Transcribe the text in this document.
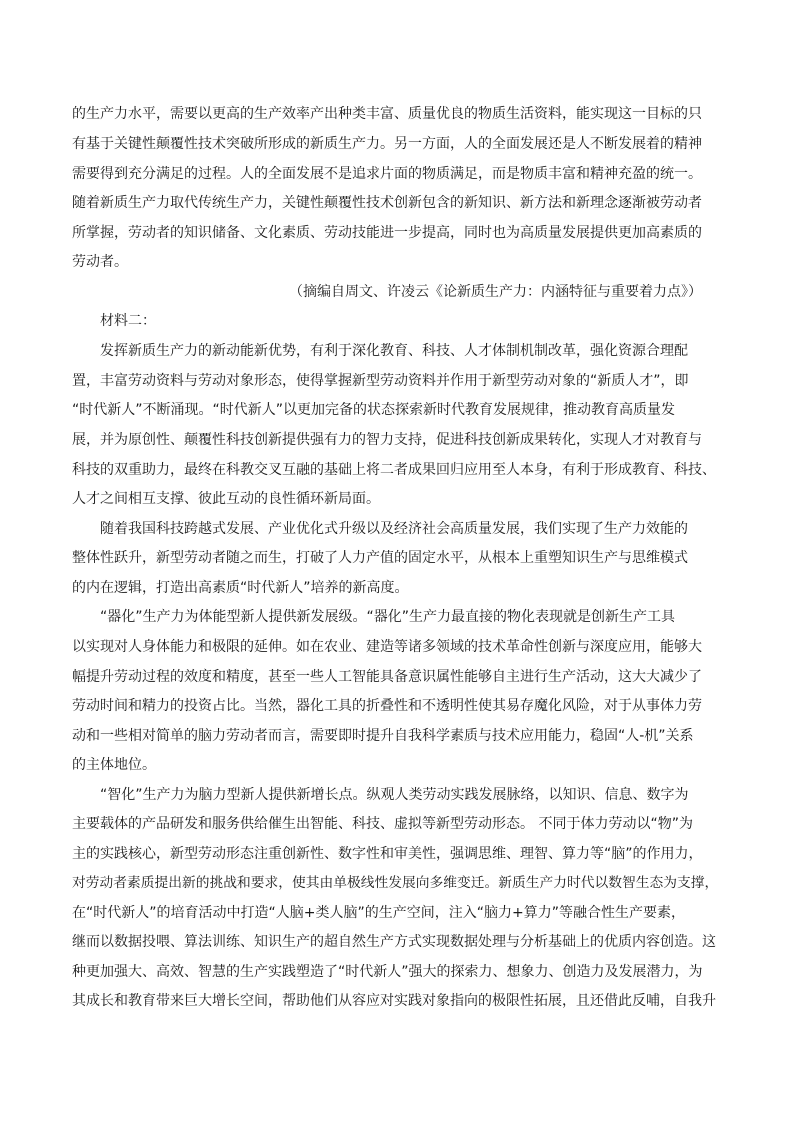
的生产力水平，需要以更高的生产效率产出种类丰富、质量优良的物质生活资料，能实现这一目标的只
有基于关键性颠覆性技术突破所形成的新质生产力。另一方面，人的全面发展还是人不断发展着的精神
需要得到充分满足的过程。人的全面发展不是追求片面的物质满足，而是物质丰富和精神充盈的统一。
随着新质生产力取代传统生产力，关键性颠覆性技术创新包含的新知识、新方法和新理念逐渐被劳动者
所掌握，劳动者的知识储备、文化素质、劳动技能进一步提高，同时也为高质量发展提供更加高素质的
劳动者。
（摘编自周文、许凌云《论新质生产力：内涵特征与重要着力点》）
材料二：
发挥新质生产力的新动能新优势，有利于深化教育、科技、人才体制机制改革，强化资源合理配
置，丰富劳动资料与劳动对象形态，使得掌握新型劳动资料并作用于新型劳动对象的“新质人才”，即
“时代新人”不断涌现。“时代新人”以更加完备的状态探索新时代教育发展规律，推动教育高质量发
展，并为原创性、颠覆性科技创新提供强有力的智力支持，促进科技创新成果转化，实现人才对教育与
科技的双重助力，最终在科教交叉互融的基础上将二者成果回归应用至人本身，有利于形成教育、科技、
人才之间相互支撑、彼此互动的良性循环新局面。
随着我国科技跨越式发展、产业优化式升级以及经济社会高质量发展，我们实现了生产力效能的
整体性跃升，新型劳动者随之而生，打破了人力产值的固定水平，从根本上重塑知识生产与思维模式
的内在逻辑，打造出高素质“时代新人”培养的新高度。
“器化”生产力为体能型新人提供新发展级。“器化”生产力最直接的物化表现就是创新生产工具
以实现对人身体能力和极限的延伸。如在农业、建造等诸多领域的技术革命性创新与深度应用，能够大
幅提升劳动过程的效度和精度，甚至一些人工智能具备意识属性能够自主进行生产活动，这大大减少了
劳动时间和精力的投资占比。当然，器化工具的折叠性和不透明性使其易存魔化风险，对于从事体力劳
动和一些相对简单的脑力劳动者而言，需要即时提升自我科学素质与技术应用能力，稳固“人-机”关系
的主体地位。
“智化”生产力为脑力型新人提供新增长点。纵观人类劳动实践发展脉络，以知识、信息、数字为
主要载体的产品研发和服务供给催生出智能、科技、虚拟等新型劳动形态。 不同于体力劳动以“物”为
主的实践核心，新型劳动形态注重创新性、数字性和审美性，强调思维、理智、算力等“脑”的作用力，
对劳动者素质提出新的挑战和要求，使其由单极线性发展向多维变迁。新质生产力时代以数智生态为支撑，
在“时代新人”的培育活动中打造“人脑+类人脑”的生产空间，注入“脑力+算力”等融合性生产要素，
继而以数据投喂、算法训练、知识生产的超自然生产方式实现数据处理与分析基础上的优质内容创造。这
种更加强大、高效、智慧的生产实践塑造了“时代新人”强大的探索力、想象力、创造力及发展潜力，为
其成长和教育带来巨大增长空间，帮助他们从容应对实践对象指向的极限性拓展，且还借此反哺，自我升
